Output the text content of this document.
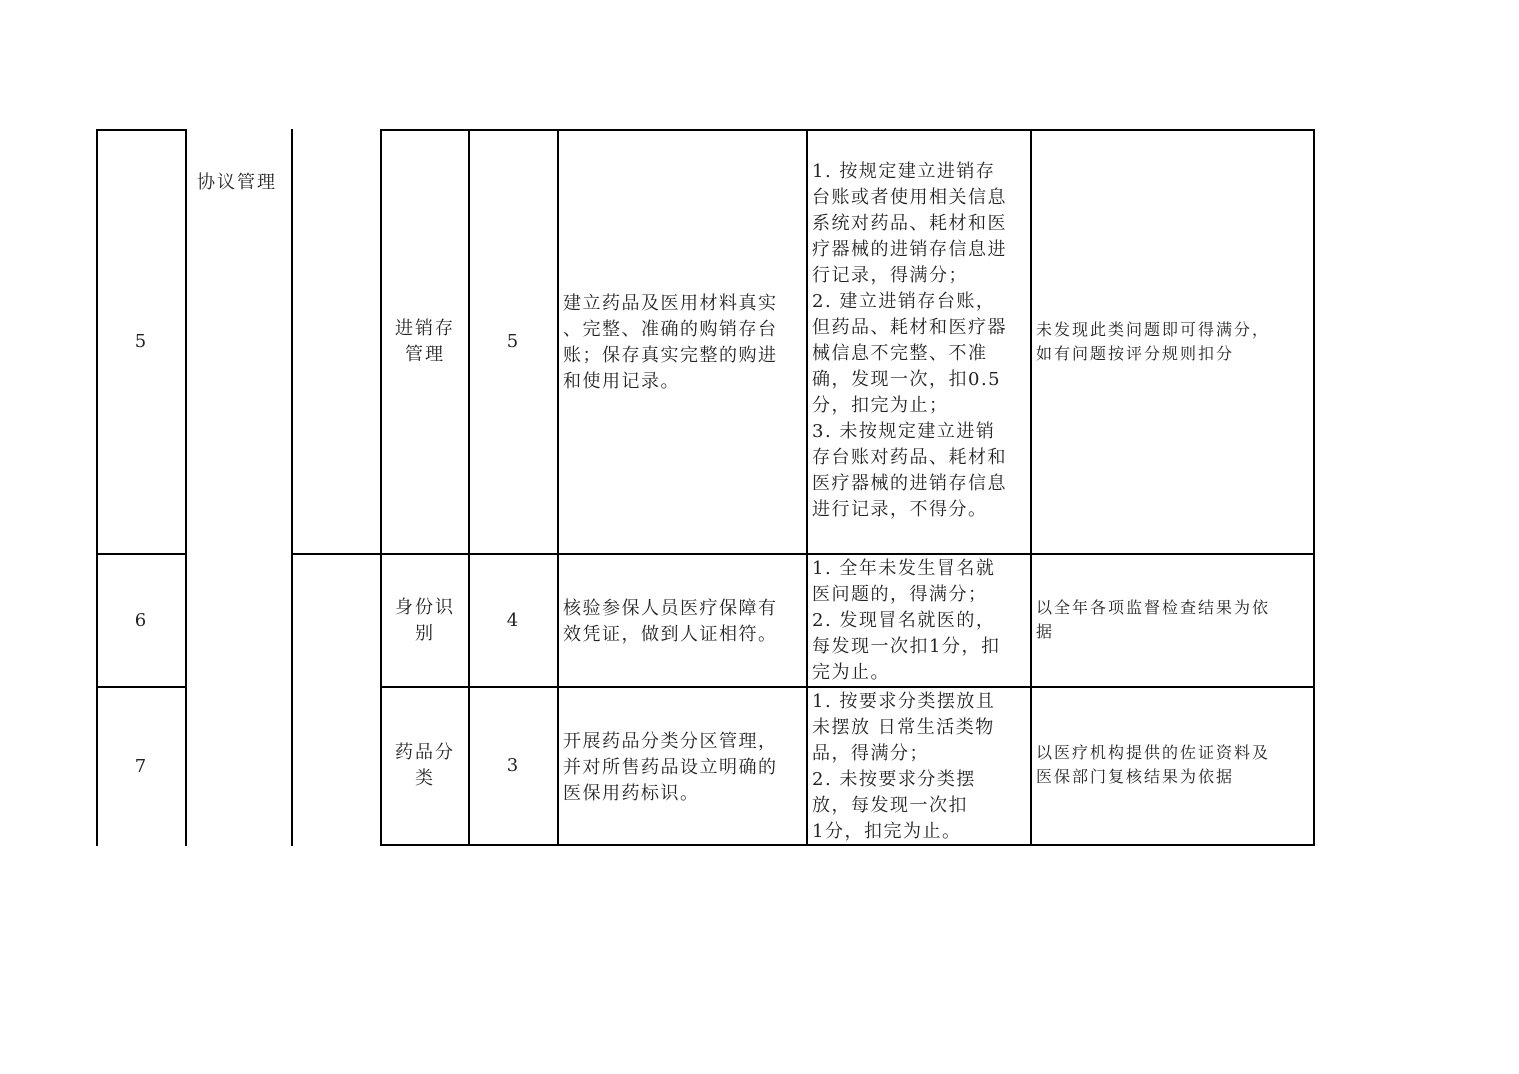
协议管理
5
进销存
管理
5
建立药品及医用材料真实
、完整、准确的购销存台
账；保存真实完整的购进
和使用记录。
1. 按规定建立进销存
台账或者使用相关信息
系统对药品、耗材和医
疗器械的进销存信息进
行记录，得满分；
2. 建立进销存台账，
但药品、耗材和医疗器
械信息不完整、不准
确，发现一次，扣0.5
分，扣完为止；
3. 未按规定建立进销
存台账对药品、耗材和
医疗器械的进销存信息
进行记录，不得分。
未发现此类问题即可得满分，
如有问题按评分规则扣分
6
身份识
别
4
核验参保人员医疗保障有
效凭证，做到人证相符。
1. 全年未发生冒名就
医问题的，得满分；
2. 发现冒名就医的，
每发现一次扣1分，扣
完为止。
以全年各项监督检查结果为依
据
7
药品分
类
3
开展药品分类分区管理，
并对所售药品设立明确的
医保用药标识。
1. 按要求分类摆放且
未摆放 日常生活类物
品，得满分；
2. 未按要求分类摆
放，每发现一次扣
1分，扣完为止。
以医疗机构提供的佐证资料及
医保部门复核结果为依据
